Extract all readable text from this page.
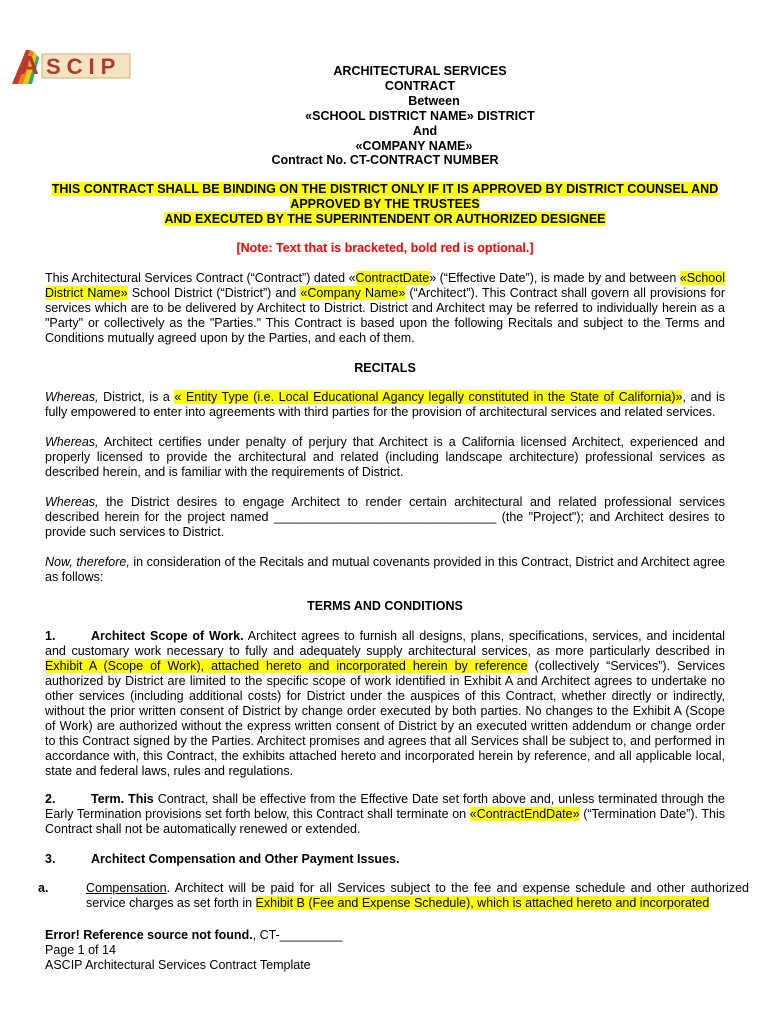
A SCIP	ARCHITECTURAL SERVICES CONTRACT
Between
«SCHOOL DISTRICT NAME» DISTRICT
And
«COMPANY NAME»
Contract No. CT-CONTRACT NUMBER
THIS CONTRACT SHALL BE BINDING ON THE DISTRICT ONLY IF IT IS APPROVED BY DISTRICT COUNSEL AND
APPROVED BY THE TRUSTEES
AND EXECUTED BY THE SUPERINTENDENT OR AUTHORIZED DESIGNEE
[Note: Text that is bracketed, bold red is optional.]
This Architectural Services Contract (“Contract”) dated «ContractDate» (“Effective Date”), is made by and between «School District Name» School District (“District”) and «Company Name» (“Architect”). This Contract shall govern all provisions for services which are to be delivered by Architect to District. District and Architect may be referred to individually herein as a "Party" or collectively as the "Parties." This Contract is based upon the following Recitals and subject to the Terms and Conditions mutually agreed upon by the Parties, and each of them.
RECITALS
Whereas, District, is a « Entity Type (i.e. Local Educational Agancy legally constituted in the State of California)», and is fully empowered to enter into agreements with third parties for the provision of architectural services and related services.
Whereas, Architect certifies under penalty of perjury that Architect is a California licensed Architect, experienced and properly licensed to provide the architectural and related (including landscape architecture) professional services as described herein, and is familiar with the requirements of District.
Whereas, the District desires to engage Architect to render certain architectural and related professional services described herein for the project named ________________________________ (the "Project"); and Architect desires to provide such services to District.
Now, therefore, in consideration of the Recitals and mutual covenants provided in this Contract, District and Architect agree as follows:
TERMS AND CONDITIONS
1.	Architect Scope of Work. Architect agrees to furnish all designs, plans, specifications, services, and incidental and customary work necessary to fully and adequately supply architectural services, as more particularly described in Exhibit A (Scope of Work), attached hereto and incorporated herein by reference (collectively “Services”). Services authorized by District are limited to the specific scope of work identified in Exhibit A and Architect agrees to undertake no other services (including additional costs) for District under the auspices of this Contract, whether directly or indirectly, without the prior written consent of District by change order executed by both parties. No changes to the Exhibit A (Scope of Work) are authorized without the express written consent of District by an executed written addendum or change order to this Contract signed by the Parties. Architect promises and agrees that all Services shall be subject to, and performed in accordance with, this Contract, the exhibits attached hereto and incorporated herein by reference, and all applicable local, state and federal laws, rules and regulations.
2.	Term. This Contract, shall be effective from the Effective Date set forth above and, unless terminated through the Early Termination provisions set forth below, this Contract shall terminate on «ContractEndDate» (“Termination Date”). This Contract shall not be automatically renewed or extended.
3.	Architect Compensation and Other Payment Issues.
a.	Compensation. Architect will be paid for all Services subject to the fee and expense schedule and other authorized service charges as set forth in Exhibit B (Fee and Expense Schedule), which is attached hereto and incorporated
Error! Reference source not found., CT-_________
Page 1 of 14
ASCIP Architectural Services Contract Template
